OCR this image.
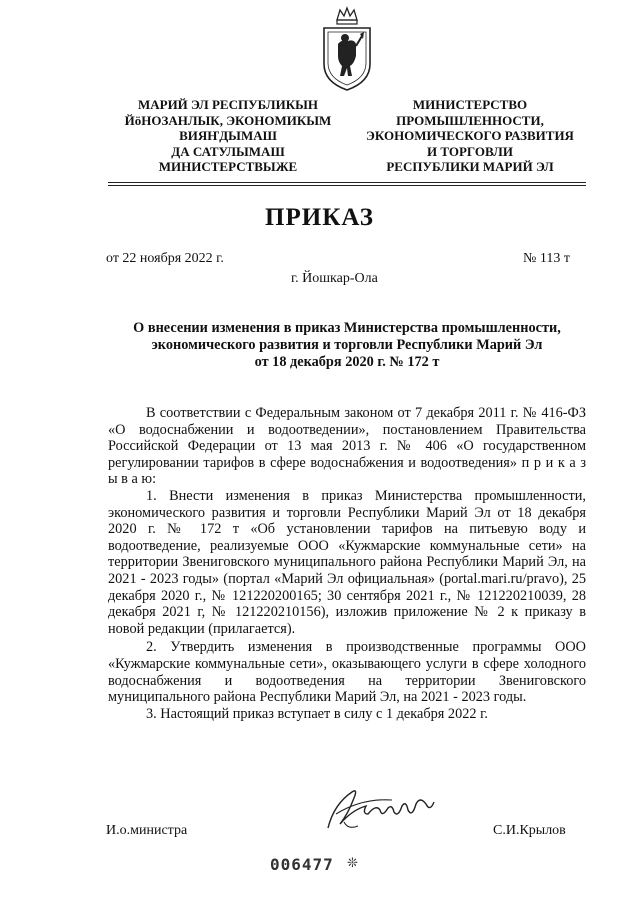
МАРИЙ ЭЛ РЕСПУБЛИКЫН
ЙӧНОЗАНЛЫК, ЭКОНОМИКЫМ
ВИЯҤДЫМАШ
ДА САТУЛЫМАШ
МИНИСТЕРСТВЫЖЕ
МИНИСТЕРСТВО
ПРОМЫШЛЕННОСТИ,
ЭКОНОМИЧЕСКОГО РАЗВИТИЯ
И ТОРГОВЛИ
РЕСПУБЛИКИ МАРИЙ ЭЛ
ПРИКАЗ
от 22 ноября 2022 г.	№ 113 т
г. Йошкар-Ола
О внесении изменения в приказ Министерства промышленности,
экономического развития и торговли Республики Марий Эл
от 18 декабря 2020 г. № 172 т

В соответствии с Федеральным законом от 7 декабря 2011 г. № 416-ФЗ «О водоснабжении и водоотведении», постановлением Правительства Российской Федерации от 13 мая 2013 г. № 406 «О государственном регулировании тарифов в сфере водоснабжения и водоотведения» п р и к а з ы в а ю:

1. Внести изменения в приказ Министерства промышленности, экономического развития и торговли Республики Марий Эл от 18 декабря 2020 г. № 172 т «Об установлении тарифов на питьевую воду и водоотведение, реализуемые ООО «Кужмарские коммунальные сети» на территории Звениговского муниципального района Республики Марий Эл, на 2021 - 2023 годы» (портал «Марий Эл официальная» (portal.mari.ru/pravo), 25 декабря 2020 г., № 121220200165; 30 сентября 2021 г., № 121220210039, 28 декабря 2021 г, № 121220210156), изложив приложение № 2 к приказу в новой редакции (прилагается).

2. Утвердить изменения в производственные программы ООО «Кужмарские коммунальные сети», оказывающего услуги в сфере холодного водоснабжения и водоотведения на территории Звениговского муниципального района Республики Марий Эл, на 2021 - 2023 годы.

3. Настоящий приказ вступает в силу с 1 декабря 2022 г.

И.о.министра	С.И.Крылов
006477 ❊
